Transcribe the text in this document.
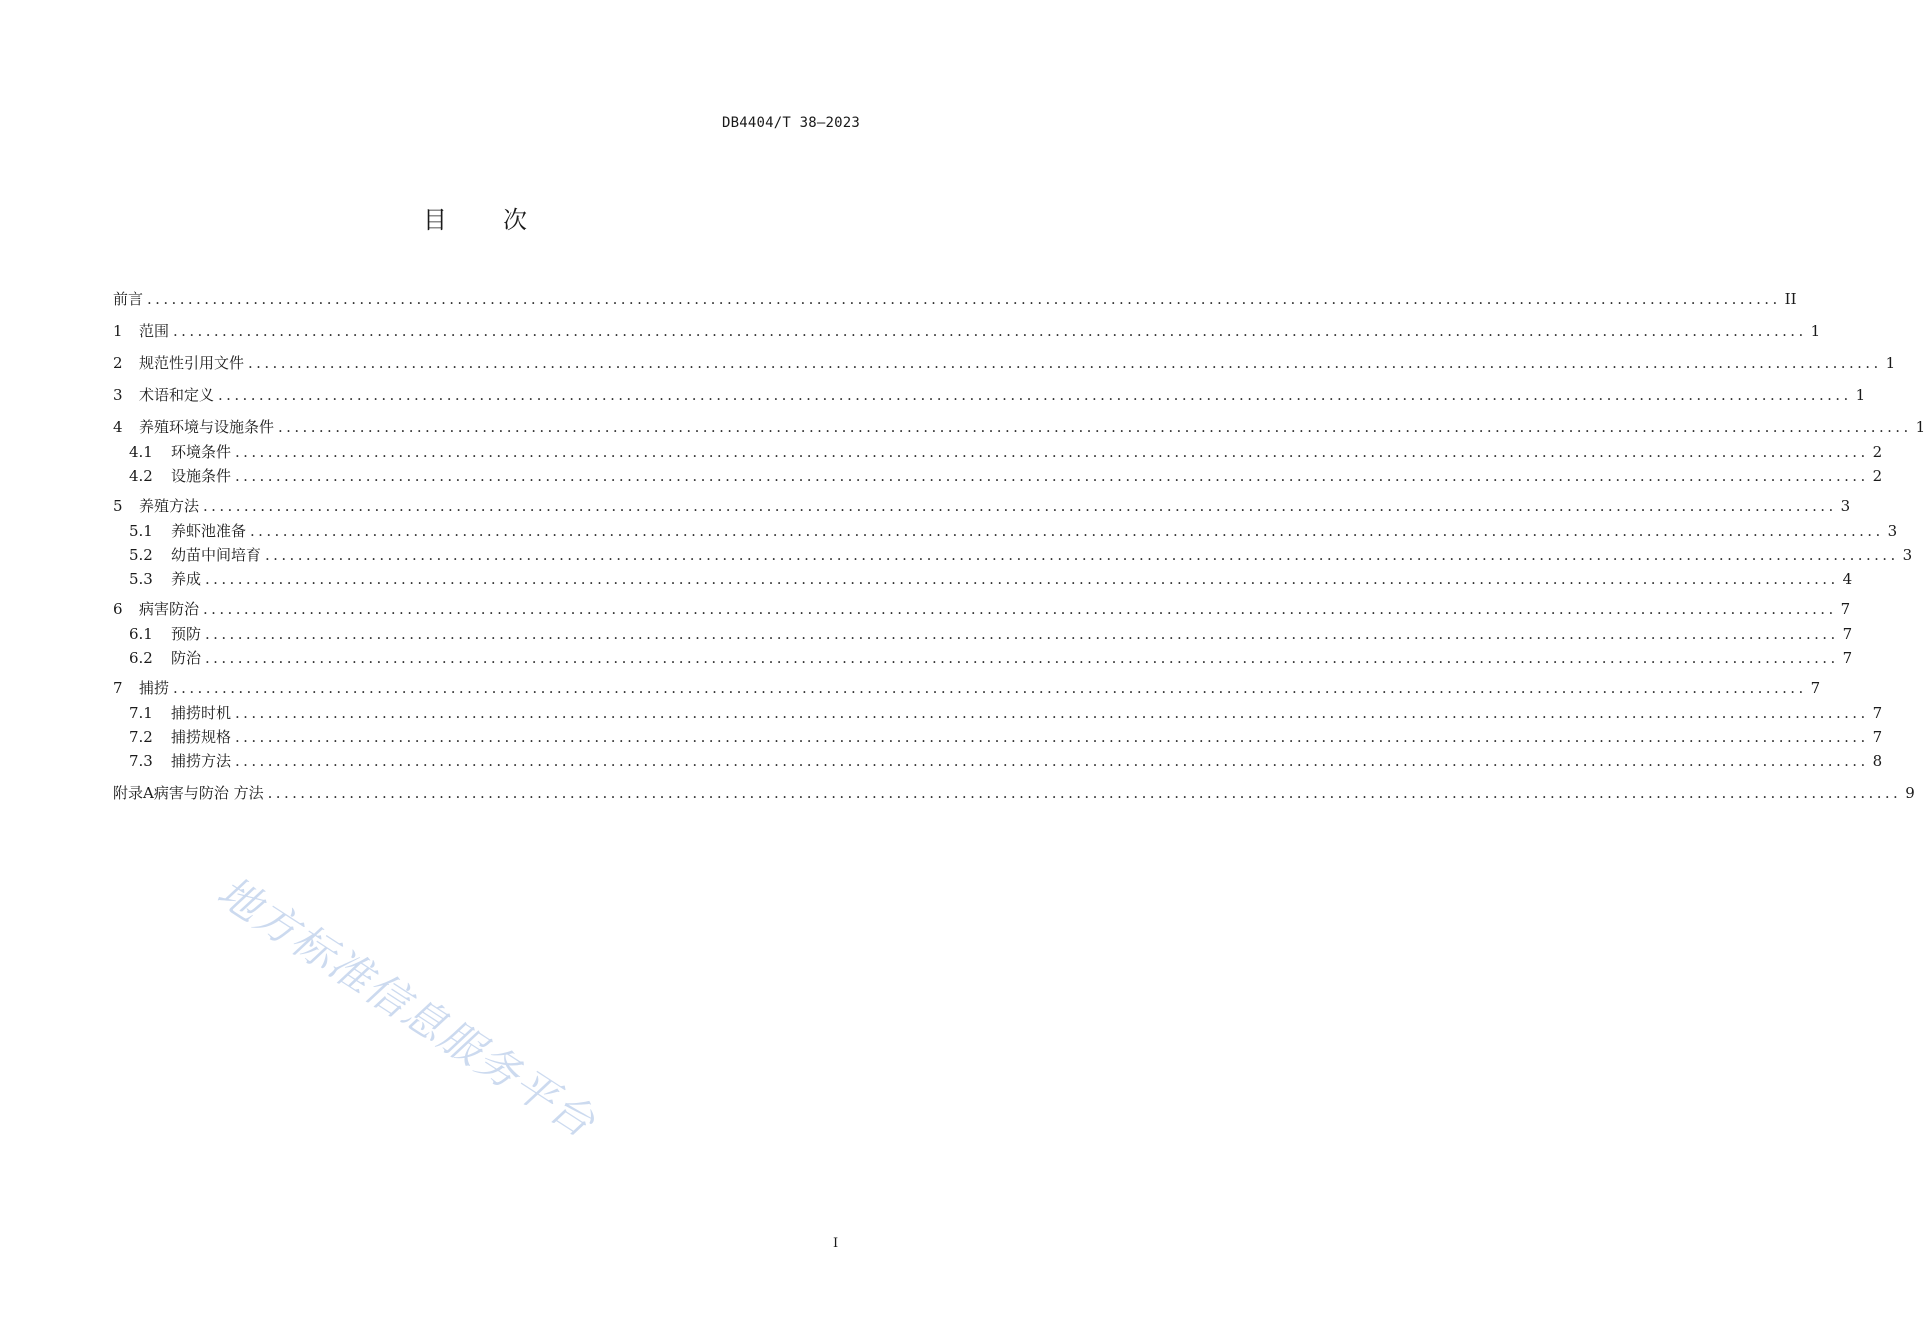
DB4404/T 38—2023
目次
前言 ........................................................................................................................................................................................................ II
1	范围 ........................................................................................................................................................................................................ 1
2	规范性引用文件 ........................................................................................................................................................................................................ 1
3	术语和定义 ........................................................................................................................................................................................................ 1
4	养殖环境与设施条件 ........................................................................................................................................................................................................ 1
4.1	环境条件 ........................................................................................................................................................................................................ 2
4.2	设施条件 ........................................................................................................................................................................................................ 2
5	养殖方法 ........................................................................................................................................................................................................ 3
5.1	养虾池准备 ........................................................................................................................................................................................................ 3
5.2	幼苗中间培育 ........................................................................................................................................................................................................ 3
5.3	养成 ........................................................................................................................................................................................................ 4
6	病害防治 ........................................................................................................................................................................................................ 7
6.1	预防 ........................................................................................................................................................................................................ 7
6.2	防治 ........................................................................................................................................................................................................ 7
7	捕捞 ........................................................................................................................................................................................................ 7
7.1	捕捞时机 ........................................................................................................................................................................................................ 7
7.2	捕捞规格 ........................................................................................................................................................................................................ 7
7.3	捕捞方法 ........................................................................................................................................................................................................ 8
附录A病害与防治 方法 ........................................................................................................................................................................................................ 9
I
地方标准信息服务平台
